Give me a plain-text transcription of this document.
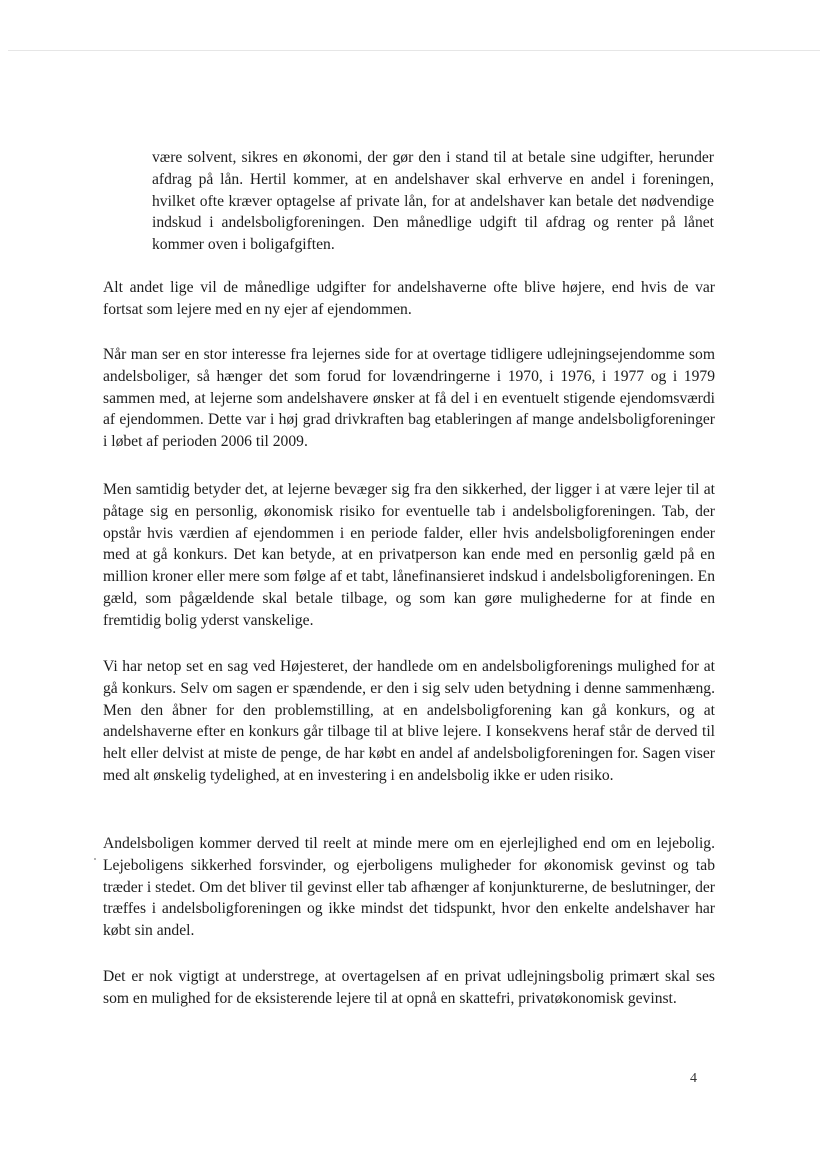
være solvent, sikres en økonomi, der gør den i stand til at betale sine udgifter, herunder afdrag på lån. Hertil kommer, at en andelshaver skal erhverve en andel i foreningen, hvilket ofte kræver optagelse af private lån, for at andelshaver kan betale det nødvendige indskud i andelsboligforeningen. Den månedlige udgift til afdrag og renter på lånet kommer oven i boligafgiften.

Alt andet lige vil de månedlige udgifter for andelshaverne ofte blive højere, end hvis de var fortsat som lejere med en ny ejer af ejendommen.

Når man ser en stor interesse fra lejernes side for at overtage tidligere udlejningsejendomme som andelsboliger, så hænger det som forud for lovændringerne i 1970, i 1976, i 1977 og i 1979 sammen med, at lejerne som andelshavere ønsker at få del i en eventuelt stigende ejendomsværdi af ejendommen. Dette var i høj grad drivkraften bag etableringen af mange andelsboligforeninger i løbet af perioden 2006 til 2009.

Men samtidig betyder det, at lejerne bevæger sig fra den sikkerhed, der ligger i at være lejer til at påtage sig en personlig, økonomisk risiko for eventuelle tab i andelsboligforeningen. Tab, der opstår hvis værdien af ejendommen i en periode falder, eller hvis andelsboligforeningen ender med at gå konkurs. Det kan betyde, at en privatperson kan ende med en personlig gæld på en million kroner eller mere som følge af et tabt, lånefinansieret indskud i andelsboligforeningen. En gæld, som pågældende skal betale tilbage, og som kan gøre mulighederne for at finde en fremtidig bolig yderst vanskelige.

Vi har netop set en sag ved Højesteret, der handlede om en andelsboligforenings mulighed for at gå konkurs. Selv om sagen er spændende, er den i sig selv uden betydning i denne sammenhæng. Men den åbner for den problemstilling, at en andelsboligforening kan gå konkurs, og at andelshaverne efter en konkurs går tilbage til at blive lejere. I konsekvens heraf står de derved til helt eller delvist at miste de penge, de har købt en andel af andelsboligforeningen for. Sagen viser med alt ønskelig tydelighed, at en investering i en andelsbolig ikke er uden risiko.

Andelsboligen kommer derved til reelt at minde mere om en ejerlejlighed end om en lejebolig. Lejeboligens sikkerhed forsvinder, og ejerboligens muligheder for økonomisk gevinst og tab træder i stedet. Om det bliver til gevinst eller tab afhænger af konjunkturerne, de beslutninger, der træffes i andelsboligforeningen og ikke mindst det tidspunkt, hvor den enkelte andelshaver har købt sin andel.

Det er nok vigtigt at understrege, at overtagelsen af en privat udlejningsbolig primært skal ses som en mulighed for de eksisterende lejere til at opnå en skattefri, privatøkonomisk gevinst.

4
